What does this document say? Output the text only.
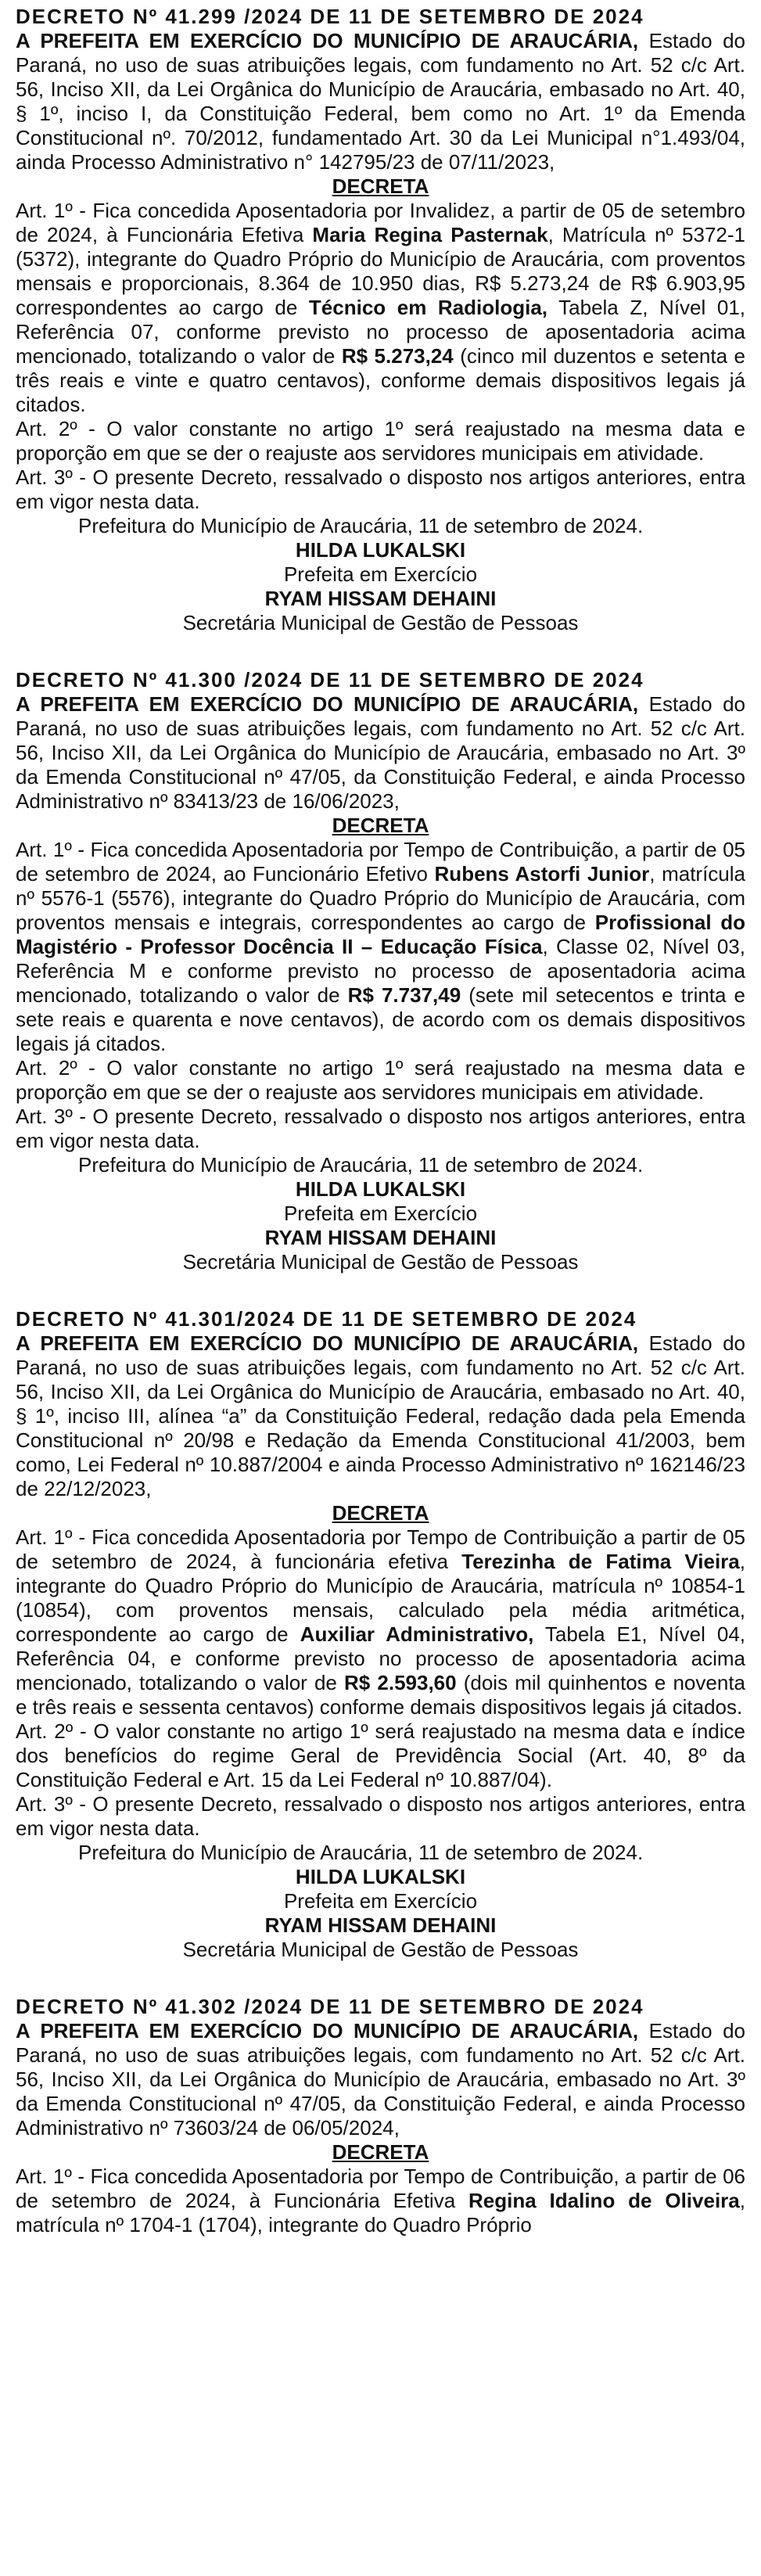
DECRETO Nº 41.299 /2024 DE 11 DE SETEMBRO DE 2024

A PREFEITA EM EXERCÍCIO DO MUNICÍPIO DE ARAUCÁRIA, Estado do Paraná, no uso de suas atribuições legais, com fundamento no Art. 52 c/c Art. 56, Inciso XII, da Lei Orgânica do Município de Araucária, embasado no Art. 40, § 1º, inciso I, da Constituição Federal, bem como no Art. 1º da Emenda Constitucional nº. 70/2012, fundamentado Art. 30 da Lei Municipal n°1.493/04, ainda Processo Administrativo n° 142795/23 de 07/11/2023,

DECRETA

Art. 1º - Fica concedida Aposentadoria por Invalidez, a partir de 05 de setembro de 2024, à Funcionária Efetiva Maria Regina Pasternak, Matrícula nº 5372-1 (5372), integrante do Quadro Próprio do Município de Araucária, com proventos mensais e proporcionais, 8.364 de 10.950 dias, R$ 5.273,24 de R$ 6.903,95 correspondentes ao cargo de Técnico em Radiologia, Tabela Z, Nível 01, Referência 07, conforme previsto no processo de aposentadoria acima mencionado, totalizando o valor de R$ 5.273,24 (cinco mil duzentos e setenta e três reais e vinte e quatro centavos), conforme demais dispositivos legais já citados.

Art. 2º - O valor constante no artigo 1º será reajustado na mesma data e proporção em que se der o reajuste aos servidores municipais em atividade.

Art. 3º - O presente Decreto, ressalvado o disposto nos artigos anteriores, entra em vigor nesta data.

Prefeitura do Município de Araucária, 11 de setembro de 2024.

HILDA LUKALSKI
Prefeita em Exercício
RYAM HISSAM DEHAINI
Secretária Municipal de Gestão de Pessoas
DECRETO Nº 41.300 /2024 DE 11 DE SETEMBRO DE 2024

A PREFEITA EM EXERCÍCIO DO MUNICÍPIO DE ARAUCÁRIA, Estado do Paraná, no uso de suas atribuições legais, com fundamento no Art. 52 c/c Art. 56, Inciso XII, da Lei Orgânica do Município de Araucária, embasado no Art. 3º da Emenda Constitucional nº 47/05, da Constituição Federal, e ainda Processo Administrativo nº 83413/23 de 16/06/2023,

DECRETA

Art. 1º - Fica concedida Aposentadoria por Tempo de Contribuição, a partir de 05 de setembro de 2024, ao Funcionário Efetivo Rubens Astorfi Junior, matrícula nº 5576-1 (5576), integrante do Quadro Próprio do Município de Araucária, com proventos mensais e integrais, correspondentes ao cargo de Profissional do Magistério - Professor Docência II – Educação Física, Classe 02, Nível 03, Referência M e conforme previsto no processo de aposentadoria acima mencionado, totalizando o valor de R$ 7.737,49 (sete mil setecentos e trinta e sete reais e quarenta e nove centavos), de acordo com os demais dispositivos legais já citados.

Art. 2º - O valor constante no artigo 1º será reajustado na mesma data e proporção em que se der o reajuste aos servidores municipais em atividade.

Art. 3º - O presente Decreto, ressalvado o disposto nos artigos anteriores, entra em vigor nesta data.

Prefeitura do Município de Araucária, 11 de setembro de 2024.

HILDA LUKALSKI
Prefeita em Exercício
RYAM HISSAM DEHAINI
Secretária Municipal de Gestão de Pessoas
DECRETO Nº 41.301/2024 DE 11 DE SETEMBRO DE 2024

A PREFEITA EM EXERCÍCIO DO MUNICÍPIO DE ARAUCÁRIA, Estado do Paraná, no uso de suas atribuições legais, com fundamento no Art. 52 c/c Art. 56, Inciso XII, da Lei Orgânica do Município de Araucária, embasado no Art. 40, § 1º, inciso III, alínea “a” da Constituição Federal, redação dada pela Emenda Constitucional nº 20/98 e Redação da Emenda Constitucional 41/2003, bem como, Lei Federal nº 10.887/2004 e ainda Processo Administrativo nº 162146/23 de 22/12/2023,

DECRETA

Art. 1º - Fica concedida Aposentadoria por Tempo de Contribuição a partir de 05 de setembro de 2024, à funcionária efetiva Terezinha de Fatima Vieira, integrante do Quadro Próprio do Município de Araucária, matrícula nº 10854-1 (10854), com proventos mensais, calculado pela média aritmética, correspondente ao cargo de Auxiliar Administrativo, Tabela E1, Nível 04, Referência 04, e conforme previsto no processo de aposentadoria acima mencionado, totalizando o valor de R$ 2.593,60 (dois mil quinhentos e noventa e três reais e sessenta centavos) conforme demais dispositivos legais já citados.

Art. 2º - O valor constante no artigo 1º será reajustado na mesma data e índice dos benefícios do regime Geral de Previdência Social (Art. 40, 8º da Constituição Federal e Art. 15 da Lei Federal nº 10.887/04).

Art. 3º - O presente Decreto, ressalvado o disposto nos artigos anteriores, entra em vigor nesta data.

Prefeitura do Município de Araucária, 11 de setembro de 2024.

HILDA LUKALSKI
Prefeita em Exercício
RYAM HISSAM DEHAINI
Secretária Municipal de Gestão de Pessoas
DECRETO Nº 41.302 /2024 DE 11 DE SETEMBRO DE 2024

A PREFEITA EM EXERCÍCIO DO MUNICÍPIO DE ARAUCÁRIA, Estado do Paraná, no uso de suas atribuições legais, com fundamento no Art. 52 c/c Art. 56, Inciso XII, da Lei Orgânica do Município de Araucária, embasado no Art. 3º da Emenda Constitucional nº 47/05, da Constituição Federal, e ainda Processo Administrativo nº 73603/24 de 06/05/2024,

DECRETA

Art. 1º - Fica concedida Aposentadoria por Tempo de Contribuição, a partir de 06 de setembro de 2024, à Funcionária Efetiva Regina Idalino de Oliveira, matrícula nº 1704-1 (1704), integrante do Quadro Próprio
